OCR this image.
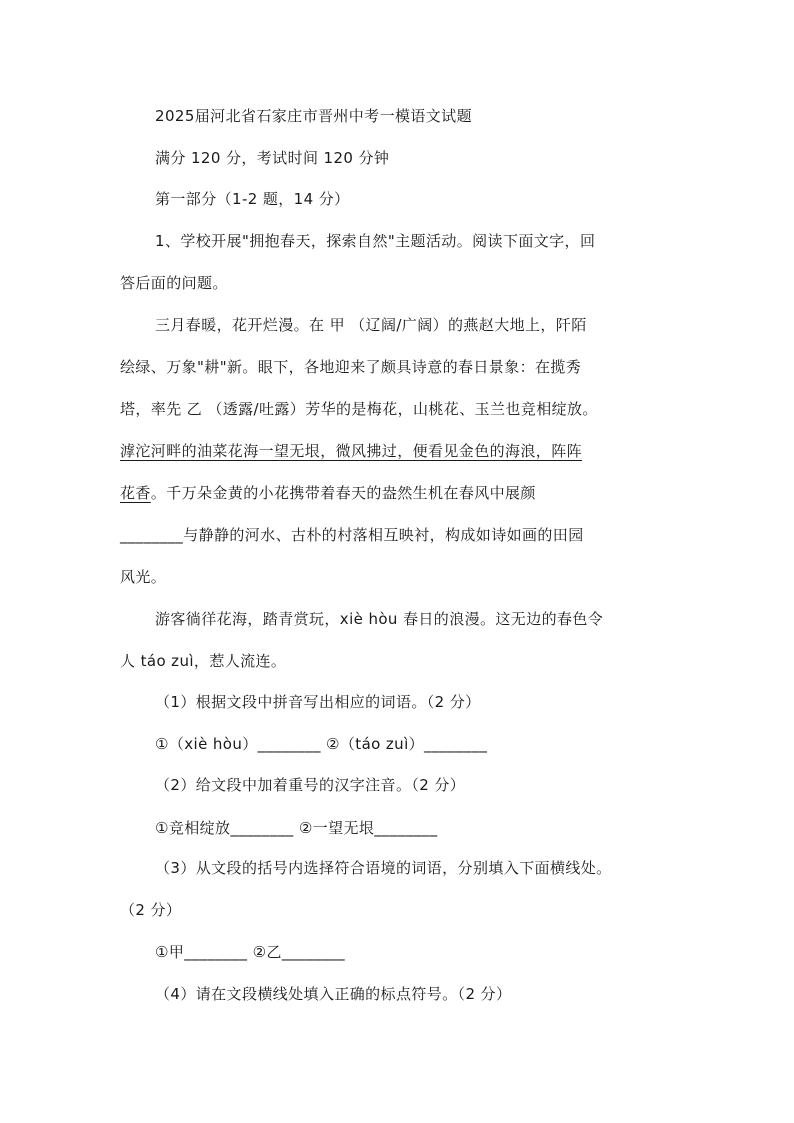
2025届河北省石家庄市晋州中考一模语文试题
满分 120 分，考试时间 120 分钟
第一部分（1-2 题，14 分）
1、学校开展"拥抱春天，探索自然"主题活动。阅读下面文字，回
答后面的问题。
三月春暖，花开烂漫。在 甲 （辽阔/广阔）的燕赵大地上，阡陌
绘绿、万象"耕"新。眼下，各地迎来了颇具诗意的春日景象：在揽秀
塔，率先 乙 （透露/吐露）芳华的是梅花，山桃花、玉兰也竞相绽放。
滹沱河畔的油菜花海一望无垠，微风拂过，便看见金色的海浪，阵阵
花香。千万朵金黄的小花携带着春天的盎然生机在春风中展颜
________与静静的河水、古朴的村落相互映衬，构成如诗如画的田园
风光。
游客徜徉花海，踏青赏玩，xiè hòu 春日的浪漫。这无边的春色令
人 táo zuì，惹人流连。
（1）根据文段中拼音写出相应的词语。（2 分）
①（xiè hòu）________ ②（táo zuì）________
（2）给文段中加着重号的汉字注音。（2 分）
①竞相绽放________ ②一望无垠________
（3）从文段的括号内选择符合语境的词语，分别填入下面横线处。
（2 分）
①甲________ ②乙________
（4）请在文段横线处填入正确的标点符号。（2 分）
